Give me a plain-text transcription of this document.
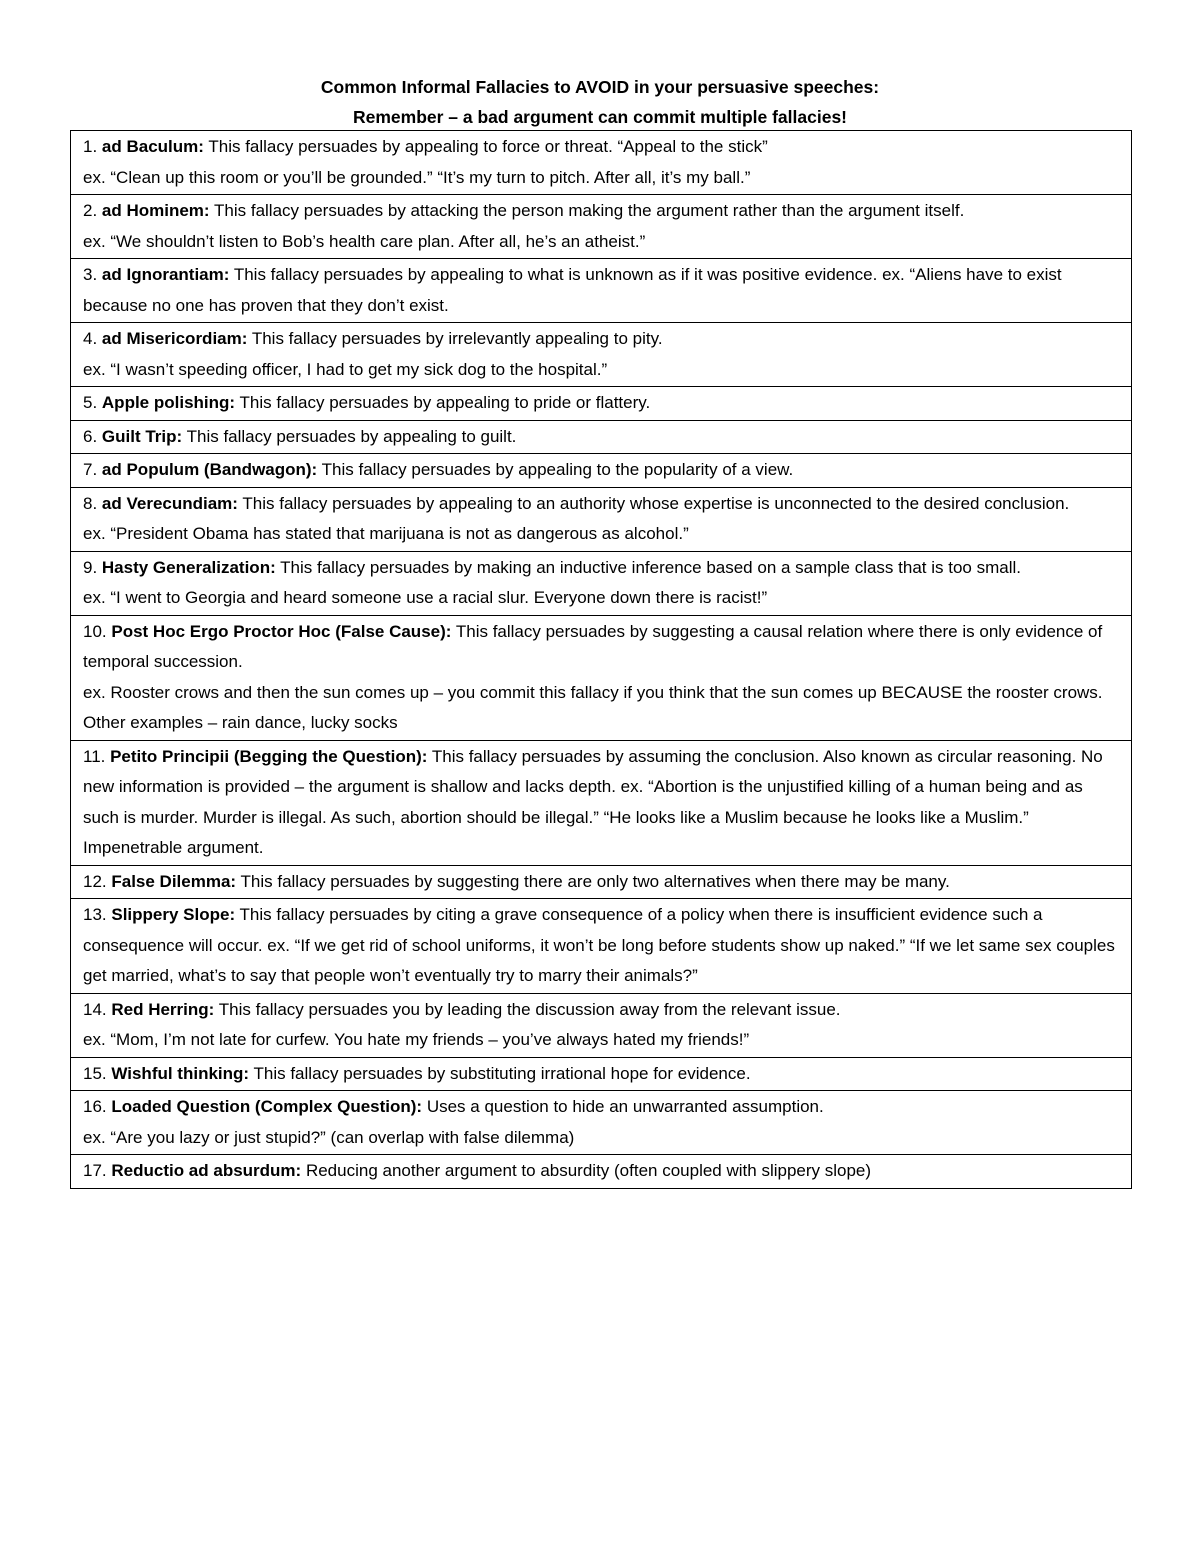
Common Informal Fallacies to AVOID in your persuasive speeches:
Remember – a bad argument can commit multiple fallacies!
1. ad Baculum: This fallacy persuades by appealing to force or threat. “Appeal to the stick”
ex. “Clean up this room or you’ll be grounded.” “It’s my turn to pitch. After all, it’s my ball.”
2. ad Hominem: This fallacy persuades by attacking the person making the argument rather than the argument itself.
ex. “We shouldn’t listen to Bob’s health care plan. After all, he’s an atheist.”
3. ad Ignorantiam: This fallacy persuades by appealing to what is unknown as if it was positive evidence. ex. “Aliens have to exist because no one has proven that they don’t exist.
4. ad Misericordiam: This fallacy persuades by irrelevantly appealing to pity.
ex. “I wasn’t speeding officer, I had to get my sick dog to the hospital.”
5. Apple polishing: This fallacy persuades by appealing to pride or flattery.
6. Guilt Trip: This fallacy persuades by appealing to guilt.
7. ad Populum (Bandwagon): This fallacy persuades by appealing to the popularity of a view.
8. ad Verecundiam: This fallacy persuades by appealing to an authority whose expertise is unconnected to the desired conclusion.
ex. “President Obama has stated that marijuana is not as dangerous as alcohol.”
9. Hasty Generalization: This fallacy persuades by making an inductive inference based on a sample class that is too small.
ex. “I went to Georgia and heard someone use a racial slur. Everyone down there is racist!”
10. Post Hoc Ergo Proctor Hoc (False Cause): This fallacy persuades by suggesting a causal relation where there is only evidence of temporal succession.
ex. Rooster crows and then the sun comes up – you commit this fallacy if you think that the sun comes up BECAUSE the rooster crows. Other examples – rain dance, lucky socks
11. Petito Principii (Begging the Question): This fallacy persuades by assuming the conclusion. Also known as circular reasoning. No new information is provided – the argument is shallow and lacks depth. ex. “Abortion is the unjustified killing of a human being and as such is murder. Murder is illegal. As such, abortion should be illegal.” “He looks like a Muslim because he looks like a Muslim.” Impenetrable argument.
12. False Dilemma: This fallacy persuades by suggesting there are only two alternatives when there may be many.
13. Slippery Slope: This fallacy persuades by citing a grave consequence of a policy when there is insufficient evidence such a consequence will occur. ex. “If we get rid of school uniforms, it won’t be long before students show up naked.” “If we let same sex couples get married, what’s to say that people won’t eventually try to marry their animals?”
14. Red Herring: This fallacy persuades you by leading the discussion away from the relevant issue.
ex. “Mom, I’m not late for curfew. You hate my friends – you’ve always hated my friends!”
15. Wishful thinking: This fallacy persuades by substituting irrational hope for evidence.
16. Loaded Question (Complex Question): Uses a question to hide an unwarranted assumption.
ex. “Are you lazy or just stupid?” (can overlap with false dilemma)
17. Reductio ad absurdum: Reducing another argument to absurdity (often coupled with slippery slope)
